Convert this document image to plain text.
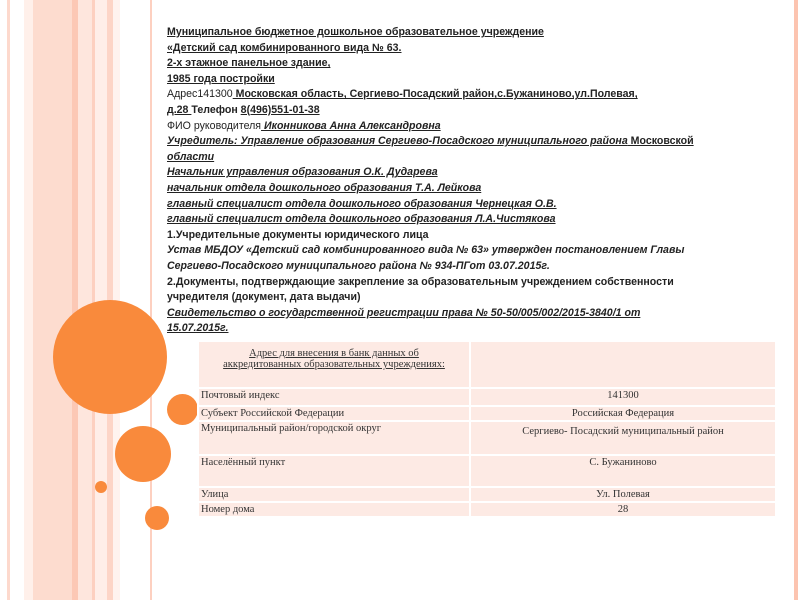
Муниципальное бюджетное дошкольное образовательное учреждение
«Детский сад комбинированного вида № 63.
2-х этажное панельное здание,
1985 года постройки
Адрес141300 Московская область, Сергиево-Посадский район,с.Бужаниново,ул.Полевая,
д.28 Телефон 8(496)551-01-38
ФИО руководителя Иконникова Анна Александровна
Учредитель: Управление образования Сергиево-Посадского муниципального района Московской
области
Начальник управления образования О.К. Дударева
начальник отдела дошкольного образования Т.А. Лейкова
главный специалист отдела дошкольного образования Чернецкая О.В.
главный специалист отдела дошкольного образования Л.А.Чистякова
1.Учредительные документы юридического лица
Устав МБДОУ «Детский сад комбинированного вида № 63» утвержден постановлением Главы
Сергиево-Посадского муниципального района № 934-ПГот 03.07.2015г.
2.Документы, подтверждающие закрепление за образовательным учреждением собственности
учредителя (документ, дата выдачи)
Свидетельство о государственной регистрации права № 50-50/005/002/2015-3840/1 от
15.07.2015г.
Адрес для внесения в банк данных об аккредитованных образовательных учреждениях:	
Почтовый индекс	141300
Субъект Российской Федерации	Российская Федерация
Муниципальный район/городской округ	Сергиево- Посадский муниципальный район
Населённый пункт	С. Бужаниново
Улица	Ул. Полевая
Номер дома	28
